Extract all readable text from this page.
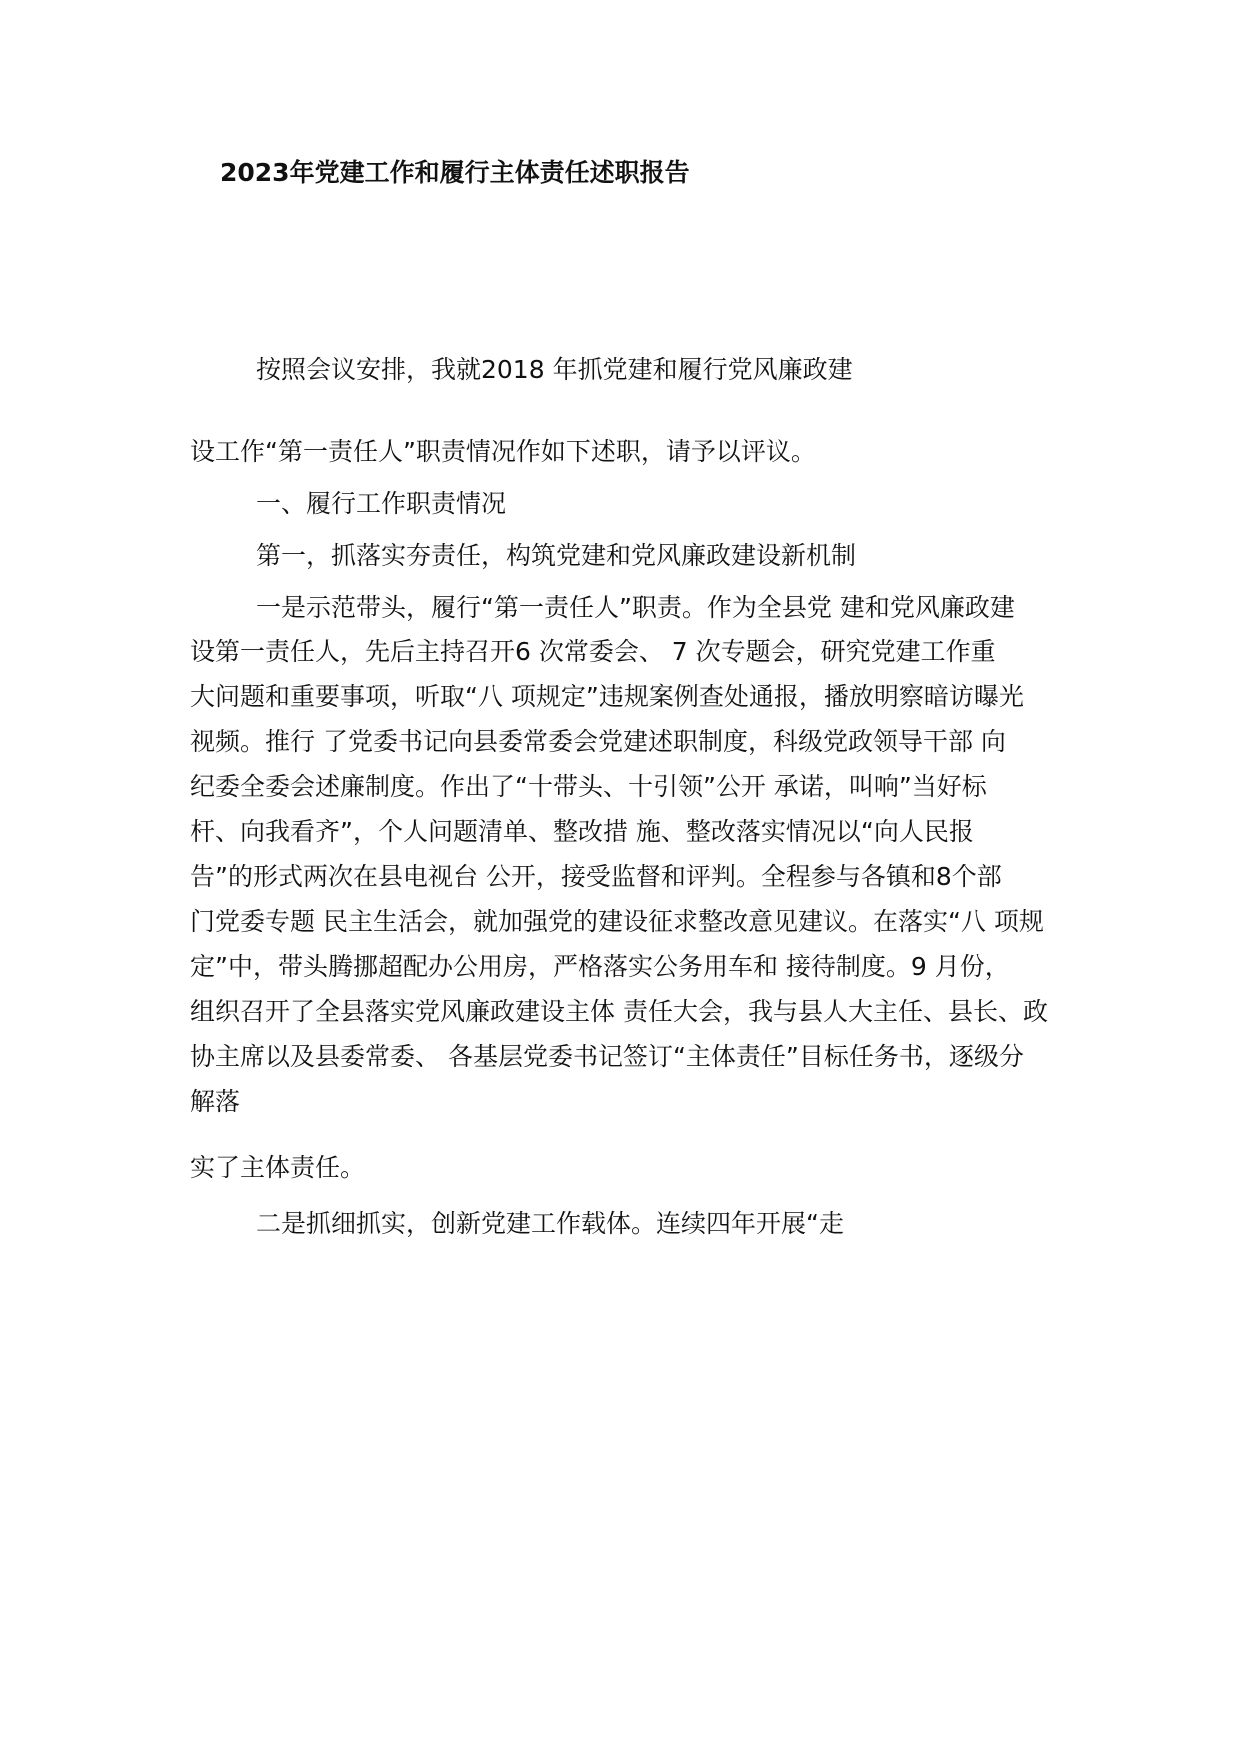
2023年党建工作和履行主体责任述职报告
按照会议安排，我就2018 年抓党建和履行党风廉政建
设工作“第一责任人”职责情况作如下述职，请予以评议。
一、履行工作职责情况
第一，抓落实夯责任，构筑党建和党风廉政建设新机制
一是示范带头，履行“第一责任人”职责。作为全县党 建和党风廉政建
设第一责任人，先后主持召开6 次常委会、 7 次专题会，研究党建工作重
大问题和重要事项，听取“八 项规定”违规案例查处通报，播放明察暗访曝光
视频。推行 了党委书记向县委常委会党建述职制度，科级党政领导干部 向
纪委全委会述廉制度。作出了“十带头、十引领”公开 承诺，叫响”当好标
杆、向我看齐”，个人问题清单、整改措 施、整改落实情况以“向人民报
告”的形式两次在县电视台 公开，接受监督和评判。全程参与各镇和8个部
门党委专题 民主生活会，就加强党的建设征求整改意见建议。在落实“八 项规
定”中，带头腾挪超配办公用房，严格落实公务用车和 接待制度。9 月份，
组织召开了全县落实党风廉政建设主体 责任大会，我与县人大主任、县长、政
协主席以及县委常委、 各基层党委书记签订“主体责任”目标任务书，逐级分
解落
实了主体责任。
二是抓细抓实，创新党建工作载体。连续四年开展“走
